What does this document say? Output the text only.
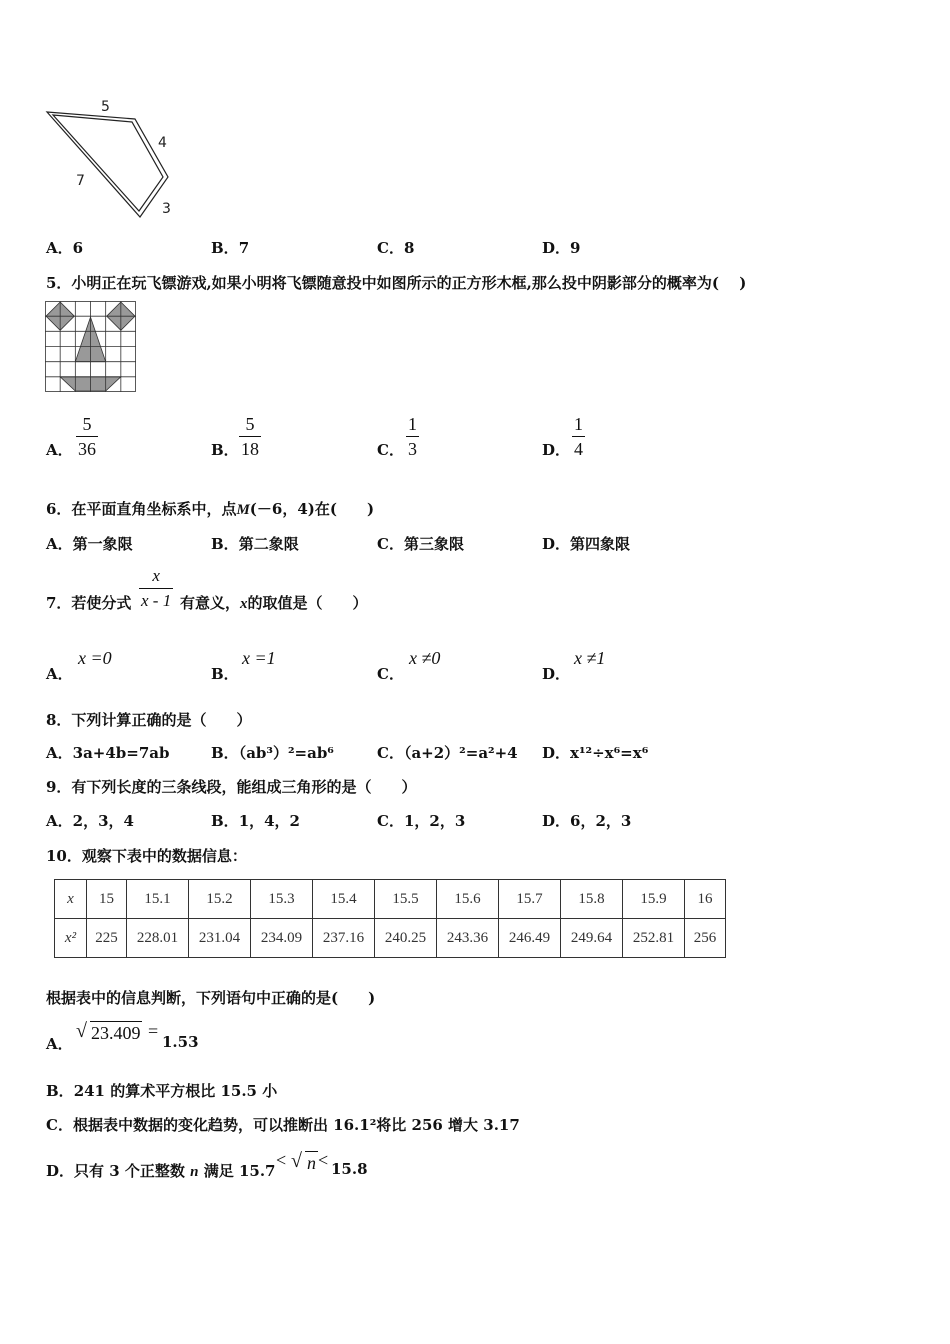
5
4
7
3
A．6	B．7	C．8	D．9
5．小明正在玩飞镖游戏,如果小明将飞镖随意投中如图所示的正方形木框,那么投中阴影部分的概率为(　 )
A．
5
36	B．
5
18	C．
1
3	D．
1
4
6．在平面直角坐标系中，点M(－6，4)在(　　)
A．第一象限	B．第二象限	C．第三象限	D．第四象限
7．若使分式
x
x - 1 有意义，x的取值是（　　）
A．
x =0
B．
x =1
C．
x ≠0
D．
x ≠1
8．下列计算正确的是（　　）
A．3a+4b=7ab	B．（ab³）²=ab⁶	C．（a+2）²=a²+4 D．x¹²÷x⁶=x⁶
9．有下列长度的三条线段，能组成三角形的是（　　）
A．2，3，4	B．1，4，2	C．1，2，3	D．6，2，3
10．观察下表中的数据信息：
x	15	15.1	15.2	15.3	15.4	15.5	15.6	15.7	15.8	15.9	16
x²	225	228.01	231.04	234.09	237.16	240.25	243.36	246.49	249.64	252.81	256
根据表中的信息判断，下列语句中正确的是(　　)
A．
√ 23.409 =
1.53
B．241 的算术平方根比 15.5 小
C．根据表中数据的变化趋势，可以推断出 16.1²将比 256 增大 3.17
D．只有 3 个正整数 n 满足 15.7
< √ n < 15.8
